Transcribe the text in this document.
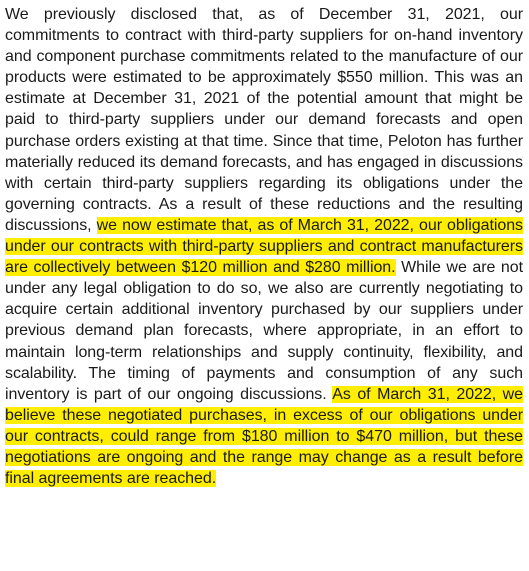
We previously disclosed that, as of December 31, 2021, our commitments to contract with third-party suppliers for on-hand inventory and component purchase commitments related to the manufacture of our products were estimated to be approximately $550 million. This was an estimate at December 31, 2021 of the potential amount that might be paid to third-party suppliers under our demand forecasts and open purchase orders existing at that time. Since that time, Peloton has further materially reduced its demand forecasts, and has engaged in discussions with certain third-party suppliers regarding its obligations under the governing contracts. As a result of these reductions and the resulting discussions, we now estimate that, as of March 31, 2022, our obligations under our contracts with third-party suppliers and contract manufacturers are collectively between $120 million and $280 million. While we are not under any legal obligation to do so, we also are currently negotiating to acquire certain additional inventory purchased by our suppliers under previous demand plan forecasts, where appropriate, in an effort to maintain long-term relationships and supply continuity, flexibility, and scalability. The timing of payments and consumption of any such inventory is part of our ongoing discussions. As of March 31, 2022, we believe these negotiated purchases, in excess of our obligations under our contracts, could range from $180 million to $470 million, but these negotiations are ongoing and the range may change as a result before final agreements are reached.
